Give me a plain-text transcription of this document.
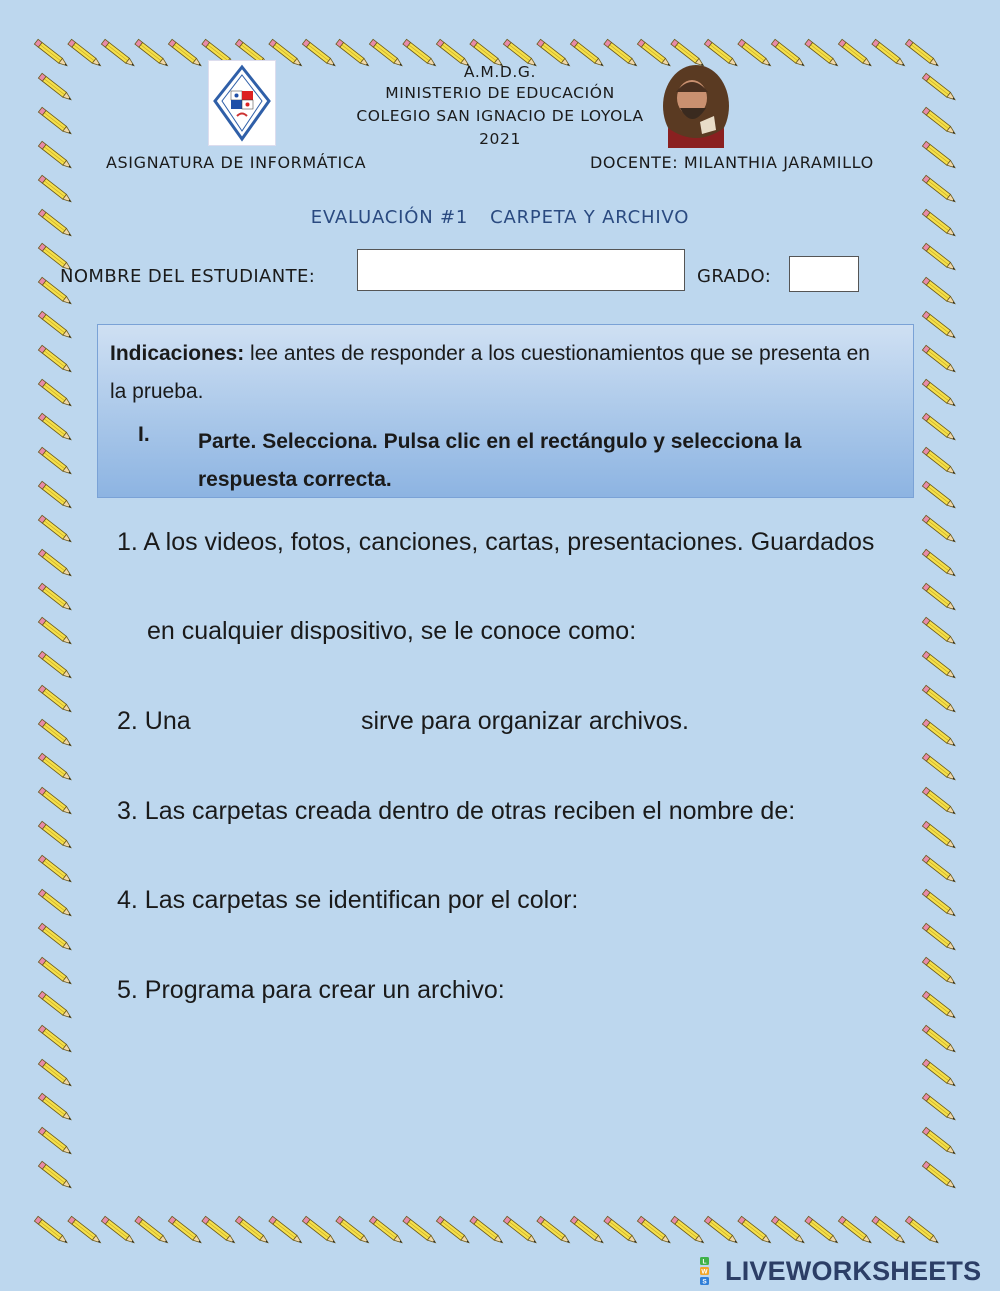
A.M.D.G.
MINISTERIO DE EDUCACIÓN
COLEGIO SAN IGNACIO DE LOYOLA
2021
ASIGNATURA DE INFORMÁTICA	DOCENTE: MILANTHIA JARAMILLO
EVALUACIÓN #1 CARPETA Y ARCHIVO
NOMBRE DEL ESTUDIANTE:	GRADO:
Indicaciones: lee antes de responder a los cuestionamientos que se presenta en la prueba.
I. Parte. Selecciona. Pulsa clic en el rectángulo y selecciona la respuesta correcta.
1. A los videos, fotos, canciones, cartas, presentaciones. Guardados
en cualquier dispositivo, se le conoce como:
2. Una	sirve para organizar archivos.
3. Las carpetas creada dentro de otras reciben el nombre de:
4. Las carpetas se identifican por el color:
5. Programa para crear un archivo:
L
W
S LIVEWORKSHEETS
